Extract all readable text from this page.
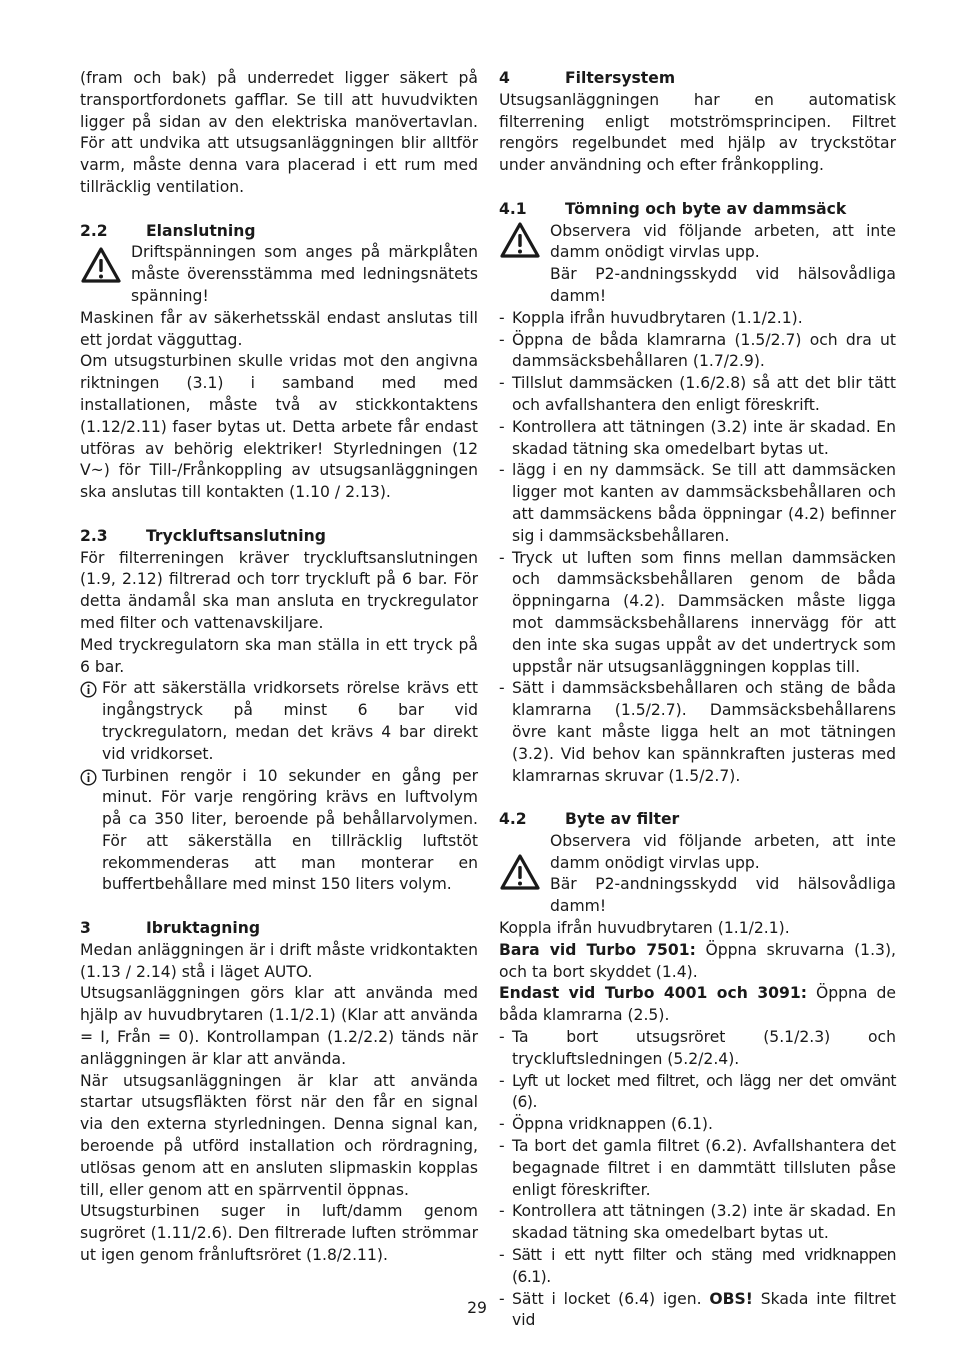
(fram och bak) på underredet ligger säkert på transportfordonets gafflar. Se till att huvudvikten ligger på sidan av den elektriska manövertavlan. För att undvika att utsugsanläggningen blir alltför varm, måste denna vara placerad i ett rum med tillräcklig ventilation.

2.2	Elanslutning

Driftspänningen som anges på märkplåten måste överensstämma med ledningsnätets spänning!

Maskinen får av säkerhetsskäl endast anslutas till ett jordat vägguttag.

Om utsugsturbinen skulle vridas mot den angivna riktningen (3.1) i samband med med installationen, måste två av stickkontaktens (1.12/2.11) faser bytas ut. Detta arbete får endast utföras av behörig elektriker! Styrledningen (12 V~) för Till-/Frånkoppling av utsugsanläggningen ska anslutas till kontakten (1.10 / 2.13).

2.3	Tryckluftsanslutning

För filterreningen kräver tryckluftsanslutningen (1.9, 2.12) filtrerad och torr tryckluft på 6 bar. För detta ändamål ska man ansluta en tryckregulator med filter och vattenavskiljare.

Med tryckregulatorn ska man ställa in ett tryck på 6 bar.

För att säkerställa vridkorsets rörelse krävs ett ingångstryck på minst 6 bar vid tryckregulatorn, medan det krävs 4 bar direkt vid vridkorset.

Turbinen rengör i 10 sekunder en gång per minut. För varje rengöring krävs en luftvolym på ca 350 liter, beroende på behållarvolymen. För att säkerställa en tillräcklig luftstöt rekommenderas att man monterar en buffertbehållare med minst 150 liters volym.

3	Ibruktagning

Medan anläggningen är i drift måste vridkontakten (1.13 / 2.14) stå i läget AUTO.

Utsugsanläggningen görs klar att använda med hjälp av huvudbrytaren (1.1/2.1) (Klar att använda = I, Från = 0). Kontrollampan (1.2/2.2) tänds när anläggningen är klar att använda.

När utsugsanläggningen är klar att använda startar utsugsfläkten först när den får en signal via den externa styrledningen. Denna signal kan, beroende på utförd installation och rördragning, utlösas genom att en ansluten slipmaskin kopplas till, eller genom att en spärrventil öppnas.

Utsugsturbinen suger in luft/damm genom sugröret (1.11/2.6). Den filtrerade luften strömmar ut igen genom frånluftsröret (1.8/2.11).

4	Filtersystem

Utsugsanläggningen har en automatisk filterrening enligt motströmsprincipen. Filtret rengörs regelbundet med hjälp av tryckstötar under användning och efter frånkoppling.

4.1	Tömning och byte av dammsäck

Observera vid följande arbeten, att inte damm onödigt virvlas upp.

Bär P2-andningsskydd vid hälsovådliga damm!

- Koppla ifrån huvudbrytaren (1.1/2.1).

- Öppna de båda klamrarna (1.5/2.7) och dra ut dammsäcksbehållaren (1.7/2.9).

- Tillslut dammsäcken (1.6/2.8) så att det blir tätt och avfallshantera den enligt föreskrift.

- Kontrollera att tätningen (3.2) inte är skadad. En skadad tätning ska omedelbart bytas ut.

- lägg i en ny dammsäck. Se till att dammsäcken ligger mot kanten av dammsäcksbehållaren och att dammsäckens båda öppningar (4.2) befinner sig i dammsäcksbehållaren.

- Tryck ut luften som finns mellan dammsäcken och dammsäcksbehållaren genom de båda öppningarna (4.2). Dammsäcken måste ligga mot dammsäcksbehållarens innervägg för att den inte ska sugas uppåt av det undertryck som uppstår när utsugsanläggningen kopplas till.

- Sätt i dammsäcksbehållaren och stäng de båda klamrarna (1.5/2.7). Dammsäcksbehållarens övre kant måste ligga helt an mot tätningen (3.2). Vid behov kan spännkraften justeras med klamrarnas skruvar (1.5/2.7).

4.2	Byte av filter

Observera vid följande arbeten, att inte damm onödigt virvlas upp.

Bär P2-andningsskydd vid hälsovådliga damm!

Koppla ifrån huvudbrytaren (1.1/2.1).

Bara vid Turbo 7501: Öppna skruvarna (1.3), och ta bort skyddet (1.4).

Endast vid Turbo 4001 och 3091: Öppna de båda klamrarna (2.5).

- Ta bort utsugsröret (5.1/2.3) och tryckluftsledningen (5.2/2.4).

- Lyft ut locket med filtret, och lägg ner det omvänt (6).

- Öppna vridknappen (6.1).

- Ta bort det gamla filtret (6.2). Avfallshantera det begagnade filtret i en dammtätt tillsluten påse enligt föreskrifter.

- Kontrollera att tätningen (3.2) inte är skadad. En skadad tätning ska omedelbart bytas ut.

- Sätt i ett nytt filter och stäng med vridknappen (6.1).

- Sätt i locket (6.4) igen. OBS! Skada inte filtret vid

29
